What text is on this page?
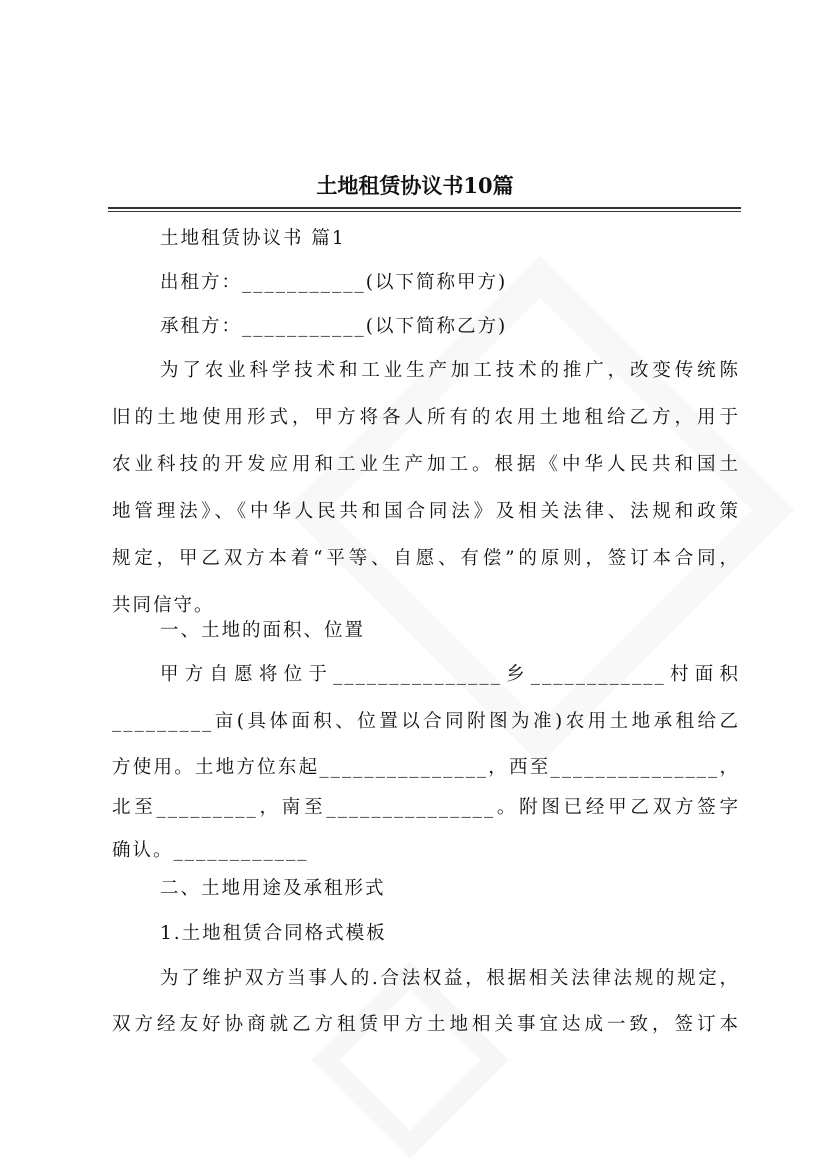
土地租赁协议书10篇
土地租赁协议书 篇1
出租方：___________(以下简称甲方)
承租方：___________(以下简称乙方)
为了农业科学技术和工业生产加工技术的推广，改变传统陈
旧的土地使用形式，甲方将各人所有的农用土地租给乙方，用于
农业科技的开发应用和工业生产加工。根据《中华人民共和国土
地管理法》、《中华人民共和国合同法》及相关法律、法规和政策
规定，甲乙双方本着“平等、自愿、有偿”的原则，签订本合同，
共同信守。
一、土地的面积、位置
甲方自愿将位于_______________乡____________村面积
_________亩(具体面积、位置以合同附图为准)农用土地承租给乙
方使用。土地方位东起_______________，西至_______________，
北至_________，南至_______________。附图已经甲乙双方签字
确认。____________
二、土地用途及承租形式
1.土地租赁合同格式模板
为了维护双方当事人的.合法权益，根据相关法律法规的规定，
双方经友好协商就乙方租赁甲方土地相关事宜达成一致，签订本
